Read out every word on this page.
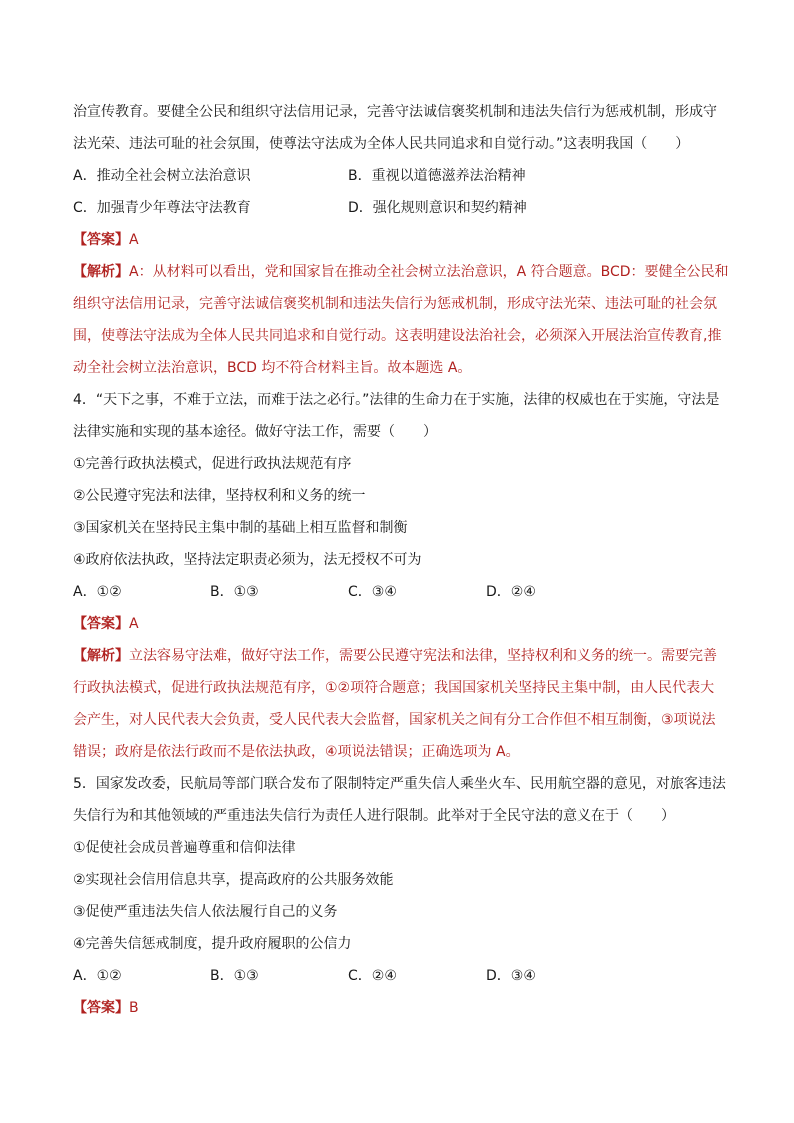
治宣传教育。要健全公民和组织守法信用记录，完善守法诚信褒奖机制和违法失信行为惩戒机制，形成守
法光荣、违法可耻的社会氛围，使尊法守法成为全体人民共同追求和自觉行动。”这表明我国（　　）
A．推动全社会树立法治意识	B．重视以道德滋养法治精神
C．加强青少年尊法守法教育	D．强化规则意识和契约精神
【答案】A
【解析】A：从材料可以看出，党和国家旨在推动全社会树立法治意识，A 符合题意。BCD：要健全公民和
组织守法信用记录，完善守法诚信褒奖机制和违法失信行为惩戒机制，形成守法光荣、违法可耻的社会氛
围，使尊法守法成为全体人民共同追求和自觉行动。这表明建设法治社会，必须深入开展法治宣传教育,推
动全社会树立法治意识，BCD 均不符合材料主旨。故本题选 A。
4．“天下之事，不难于立法，而难于法之必行。”法律的生命力在于实施，法律的权威也在于实施，守法是
法律实施和实现的基本途径。做好守法工作，需要（　　）
①完善行政执法模式，促进行政执法规范有序
②公民遵守宪法和法律，坚持权利和义务的统一
③国家机关在坚持民主集中制的基础上相互监督和制衡
④政府依法执政，坚持法定职责必须为，法无授权不可为
A．①②	B．①③	C．③④	D．②④
【答案】A
【解析】立法容易守法难，做好守法工作，需要公民遵守宪法和法律，坚持权利和义务的统一。需要完善
行政执法模式，促进行政执法规范有序，①②项符合题意；我国国家机关坚持民主集中制，由人民代表大
会产生，对人民代表大会负责，受人民代表大会监督，国家机关之间有分工合作但不相互制衡，③项说法
错误；政府是依法行政而不是依法执政，④项说法错误；正确选项为 A。
5．国家发改委，民航局等部门联合发布了限制特定严重失信人乘坐火车、民用航空器的意见，对旅客违法
失信行为和其他领域的严重违法失信行为责任人进行限制。此举对于全民守法的意义在于（　　）
①促使社会成员普遍尊重和信仰法律
②实现社会信用信息共享，提高政府的公共服务效能
③促使严重违法失信人依法履行自己的义务
④完善失信惩戒制度，提升政府履职的公信力
A．①②	B．①③	C．②④	D．③④
【答案】B
